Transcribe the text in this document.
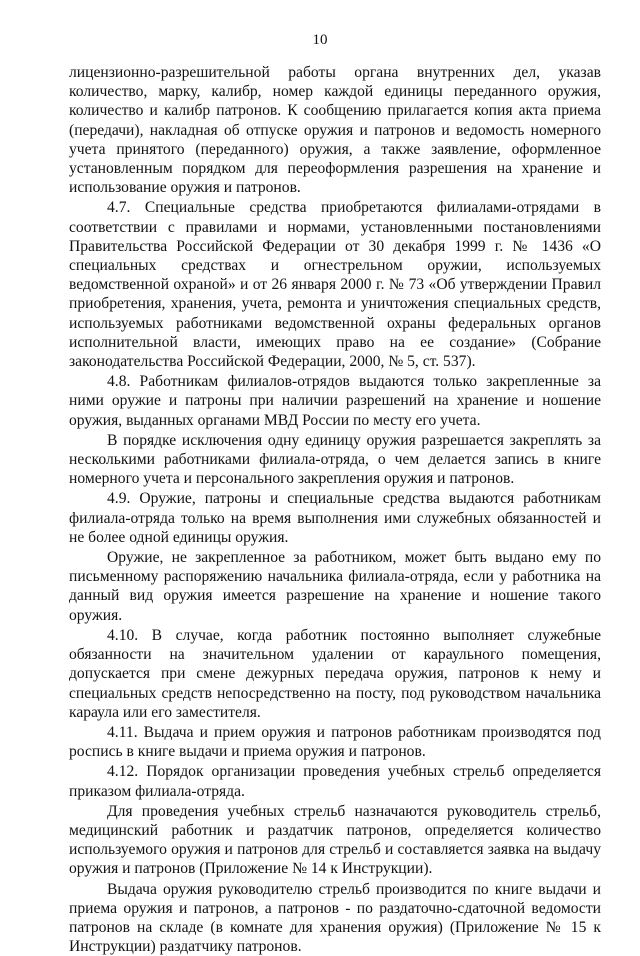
10

лицензионно-разрешительной работы органа внутренних дел, указав количество, марку, калибр, номер каждой единицы переданного оружия, количество и калибр патронов. К сообщению прилагается копия акта приема (передачи), накладная об отпуске оружия и патронов и ведомость номерного учета принятого (переданного) оружия, а также заявление, оформленное установленным порядком для переоформления разрешения на хранение и использование оружия и патронов.

4.7. Специальные средства приобретаются филиалами-отрядами в соответствии с правилами и нормами, установленными постановлениями Правительства Российской Федерации от 30 декабря 1999 г. № 1436 «О специальных средствах и огнестрельном оружии, используемых ведомственной охраной» и от 26 января 2000 г. № 73 «Об утверждении Правил приобретения, хранения, учета, ремонта и уничтожения специальных средств, используемых работниками ведомственной охраны федеральных органов исполнительной власти, имеющих право на ее создание» (Собрание законодательства Российской Федерации, 2000, № 5, ст. 537).

4.8. Работникам филиалов-отрядов выдаются только закрепленные за ними оружие и патроны при наличии разрешений на хранение и ношение оружия, выданных органами МВД России по месту его учета.

В порядке исключения одну единицу оружия разрешается закреплять за несколькими работниками филиала-отряда, о чем делается запись в книге номерного учета и персонального закрепления оружия и патронов.

4.9. Оружие, патроны и специальные средства выдаются работникам филиала-отряда только на время выполнения ими служебных обязанностей и не более одной единицы оружия.

Оружие, не закрепленное за работником, может быть выдано ему по письменному распоряжению начальника филиала-отряда, если у работника на данный вид оружия имеется разрешение на хранение и ношение такого оружия.

4.10. В случае, когда работник постоянно выполняет служебные обязанности на значительном удалении от караульного помещения, допускается при смене дежурных передача оружия, патронов к нему и специальных средств непосредственно на посту, под руководством начальника караула или его заместителя.

4.11. Выдача и прием оружия и патронов работникам производятся под роспись в книге выдачи и приема оружия и патронов.

4.12. Порядок организации проведения учебных стрельб определяется приказом филиала-отряда.

Для проведения учебных стрельб назначаются руководитель стрельб, медицинский работник и раздатчик патронов, определяется количество используемого оружия и патронов для стрельб и составляется заявка на выдачу оружия и патронов (Приложение № 14 к Инструкции).

Выдача оружия руководителю стрельб производится по книге выдачи и приема оружия и патронов, а патронов - по раздаточно-сдаточной ведомости патронов на складе (в комнате для хранения оружия) (Приложение № 15 к Инструкции) раздатчику патронов.
